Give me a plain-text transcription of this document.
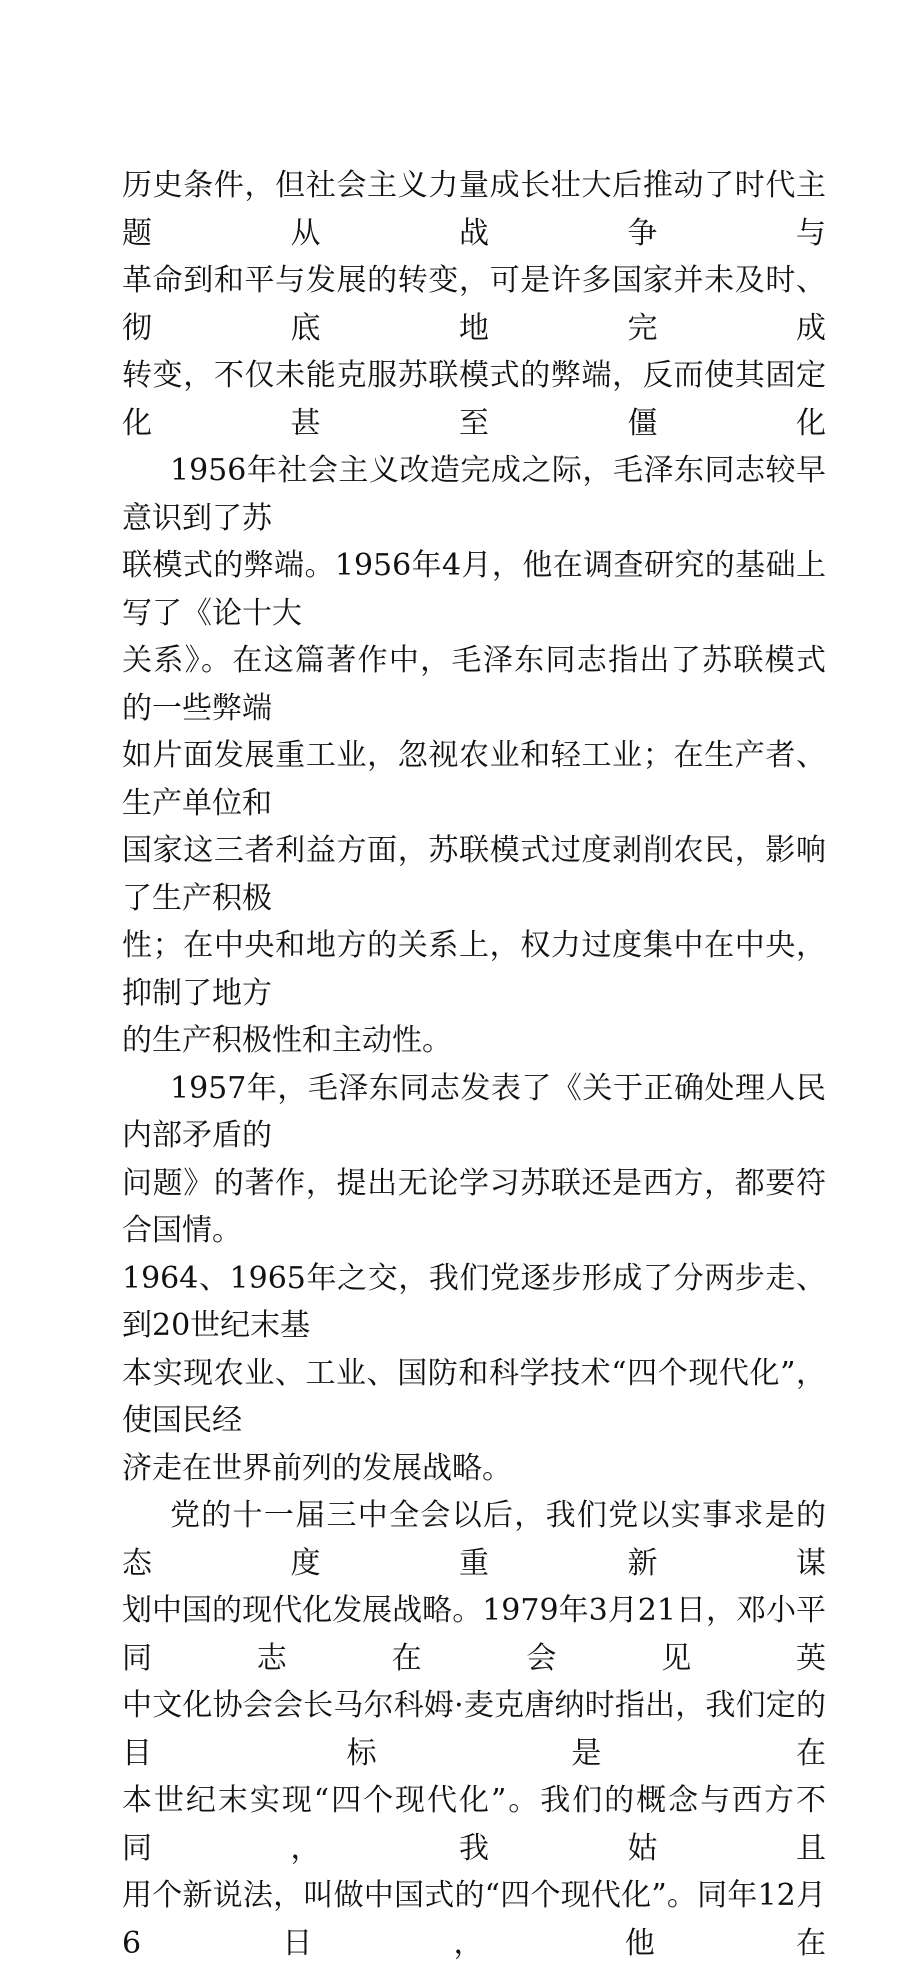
历史条件，但社会主义力量成长壮大后推动了时代主题从战争与
革命到和平与发展的转变，可是许多国家并未及时、彻底地完成
转变，不仅未能克服苏联模式的弊端，反而使其固定化甚至僵化

1956年社会主义改造完成之际，毛泽东同志较早意识到了苏
联模式的弊端。1956年4月，他在调查研究的基础上写了《论十大
关系》。在这篇著作中，毛泽东同志指出了苏联模式的一些弊端
如片面发展重工业，忽视农业和轻工业；在生产者、生产单位和
国家这三者利益方面，苏联模式过度剥削农民，影响了生产积极
性；在中央和地方的关系上，权力过度集中在中央，抑制了地方
的生产积极性和主动性。

1957年，毛泽东同志发表了《关于正确处理人民内部矛盾的
问题》的著作，提出无论学习苏联还是西方，都要符合国情。
1964、1965年之交，我们党逐步形成了分两步走、到20世纪末基
本实现农业、工业、国防和科学技术“四个现代化”，使国民经
济走在世界前列的发展战略。

党的十一届三中全会以后，我们党以实事求是的态度重新谋
划中国的现代化发展战略。1979年3月21日，邓小平同志在会见英
中文化协会会长马尔科姆·麦克唐纳时指出，我们定的目标是在
本世纪末实现“四个现代化”。我们的概念与西方不同，我姑且
用个新说法，叫做中国式的“四个现代化”。同年12月6日，他在
